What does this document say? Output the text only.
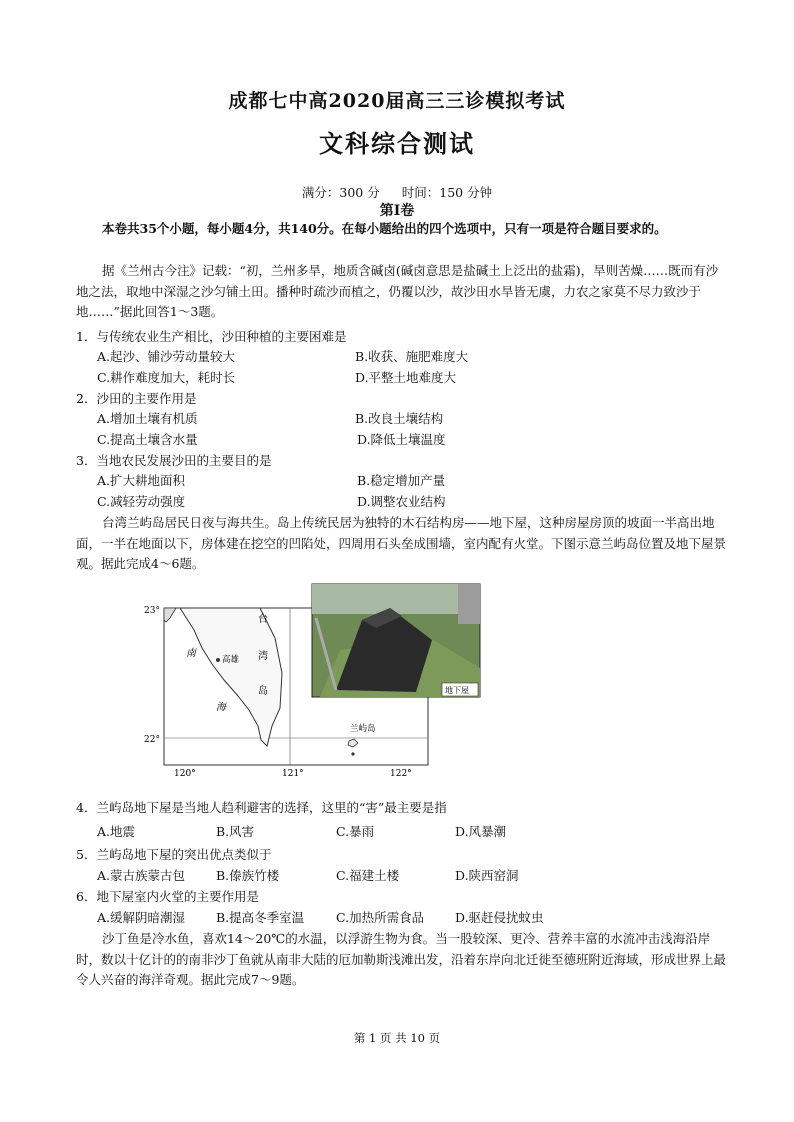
成都七中高2020届高三三诊模拟考试
文科综合测试
满分：300 分 时间：150 分钟
第Ⅰ卷
本卷共35个小题，每小题4分，共140分。在每小题给出的四个选项中，只有一项是符合题目要求的。
据《兰州古今注》记载：“初，兰州多旱，地质含碱卤(碱卤意思是盐碱土上泛出的盐霜)，旱则苦燥……既而有沙地之法，取地中深湿之沙匀铺土田。播种时疏沙而植之，仍覆以沙，故沙田水旱皆无虞，力农之家莫不尽力致沙于地……”据此回答1～3题。
1．与传统农业生产相比，沙田种植的主要困难是
A.起沙、铺沙劳动量较大	B.收获、施肥难度大
C.耕作难度加大，耗时长	D.平整土地难度大
2．沙田的主要作用是
A.增加土壤有机质	B.改良土壤结构
C.提高土壤含水量	D.降低土壤温度
3．当地农民发展沙田的主要目的是
A.扩大耕地面积	B.稳定增加产量
C.减轻劳动强度	D.调整农业结构
台湾兰屿岛居民日夜与海共生。岛上传统民居为独特的木石结构房——地下屋，这种房屋房顶的坡面一半高出地面，一半在地面以下，房体建在挖空的凹陷处，四周用石头垒成围墙，室内配有火堂。下图示意兰屿岛位置及地下屋景观。据此完成4～6题。
23°
22°
120°	121°	122°
台
湾
岛
南
海
高雄
兰屿岛
地下屋
4．兰屿岛地下屋是当地人趋利避害的选择，这里的“害”最主要是指
A.地震	B.风害	C.暴雨	D.风暴潮
5．兰屿岛地下屋的突出优点类似于
A.蒙古族蒙古包 B.傣族竹楼	C.福建土楼	D.陕西窑洞
6．地下屋室内火堂的主要作用是
A.缓解阴暗潮湿 B.提高冬季室温	C.加热所需食品 D.驱赶侵扰蚊虫
沙丁鱼是冷水鱼，喜欢14～20℃的水温，以浮游生物为食。当一股较深、更冷、营养丰富的水流冲击浅海沿岸时，数以十亿计的的南非沙丁鱼就从南非大陆的厄加勒斯浅滩出发，沿着东岸向北迁徙至德班附近海域，形成世界上最令人兴奋的海洋奇观。据此完成7～9题。
第 1 页 共 10 页
